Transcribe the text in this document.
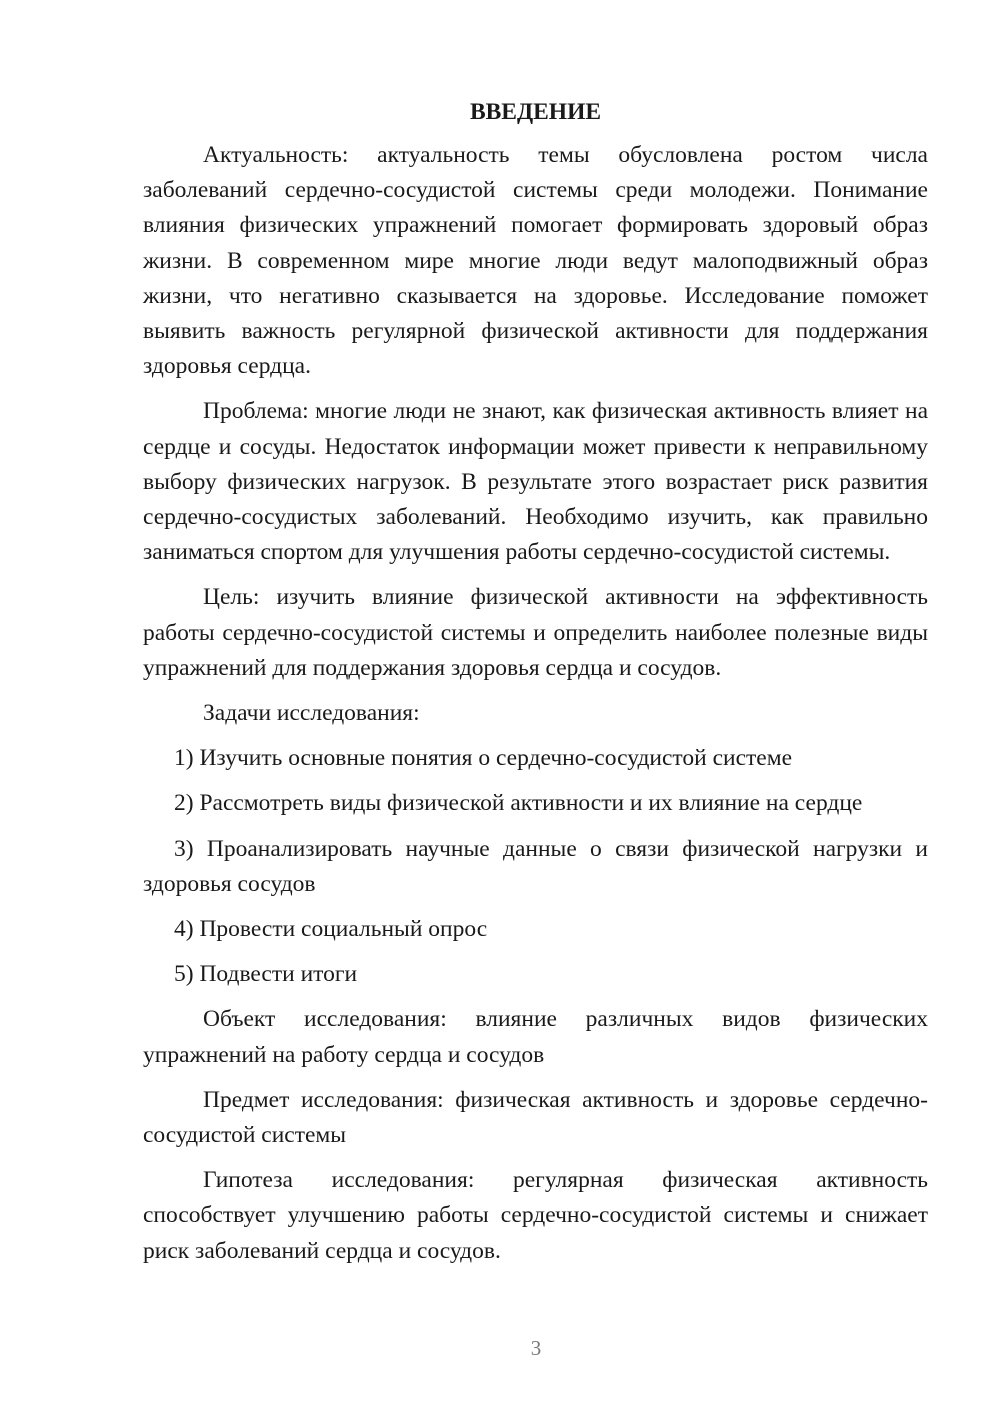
ВВЕДЕНИЕ

Актуальность: актуальность темы обусловлена ростом числа заболеваний сердечно-сосудистой системы среди молодежи. Понимание влияния физических упражнений помогает формировать здоровый образ жизни. В современном мире многие люди ведут малоподвижный образ жизни, что негативно сказывается на здоровье. Исследование поможет выявить важность регулярной физической активности для поддержания здоровья сердца.

Проблема: многие люди не знают, как физическая активность влияет на сердце и сосуды. Недостаток информации может привести к неправильному выбору физических нагрузок. В результате этого возрастает риск развития сердечно-сосудистых заболеваний. Необходимо изучить, как правильно заниматься спортом для улучшения работы сердечно-сосудистой системы.

Цель: изучить влияние физической активности на эффективность работы сердечно-сосудистой системы и определить наиболее полезные виды упражнений для поддержания здоровья сердца и сосудов.

Задачи исследования:

1) Изучить основные понятия о сердечно-сосудистой системе

2) Рассмотреть виды физической активности и их влияние на сердце

3) Проанализировать научные данные о связи физической нагрузки и здоровья сосудов

4) Провести социальный опрос

5) Подвести итоги

Объект исследования: влияние различных видов физических упражнений на работу сердца и сосудов

Предмет исследования: физическая активность и здоровье сердечно-сосудистой системы

Гипотеза исследования: регулярная физическая активность способствует улучшению работы сердечно-сосудистой системы и снижает риск заболеваний сердца и сосудов.

3
